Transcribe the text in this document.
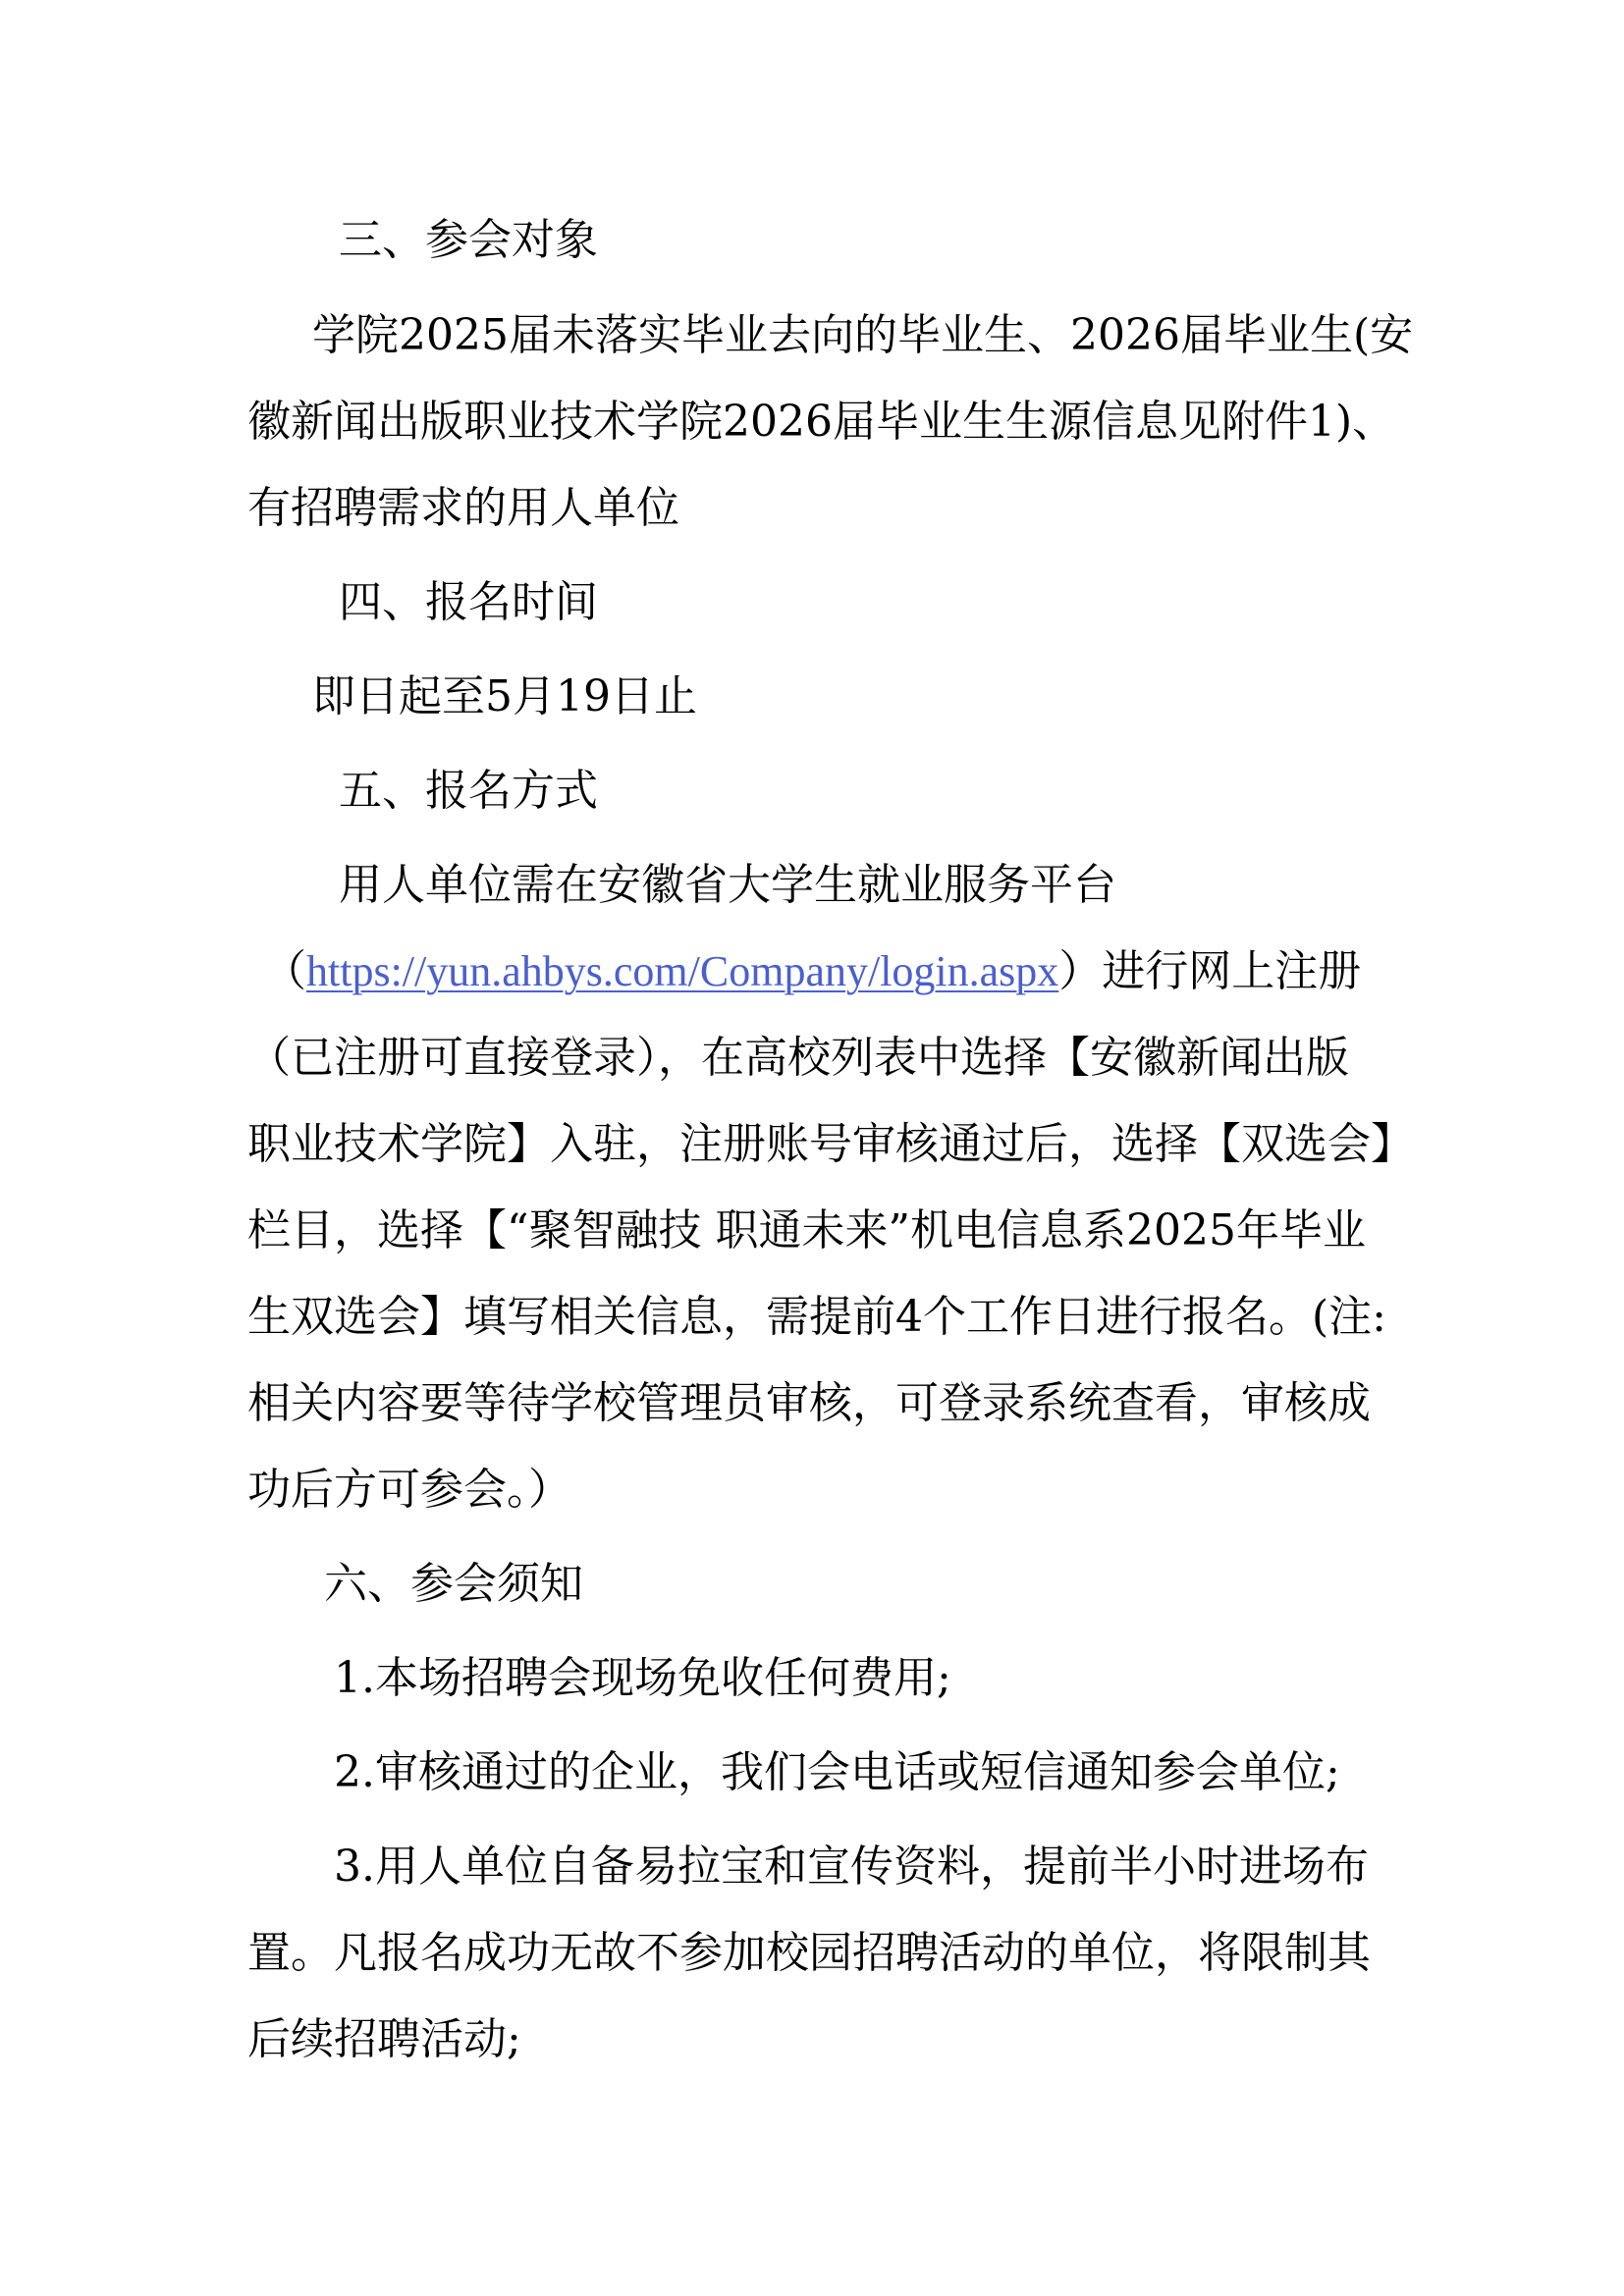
三、参会对象
学院2025届未落实毕业去向的毕业生、2026届毕业生(安
徽新闻出版职业技术学院2026届毕业生生源信息见附件1)、
有招聘需求的用人单位
四、报名时间
即日起至5月19日止
五、报名方式
用人单位需在安徽省大学生就业服务平台
（https://yun.ahbys.com/Company/login.aspx）进行网上注册
（已注册可直接登录），在高校列表中选择【安徽新闻出版
职业技术学院】入驻，注册账号审核通过后，选择【双选会】
栏目，选择【“聚智融技 职通未来”机电信息系2025年毕业
生双选会】填写相关信息，需提前4个工作日进行报名。(注:
相关内容要等待学校管理员审核，可登录系统查看，审核成
功后方可参会。）
六、参会须知
1.本场招聘会现场免收任何费用;
2.审核通过的企业，我们会电话或短信通知参会单位;
3.用人单位自备易拉宝和宣传资料，提前半小时进场布
置。凡报名成功无故不参加校园招聘活动的单位，将限制其
后续招聘活动;
